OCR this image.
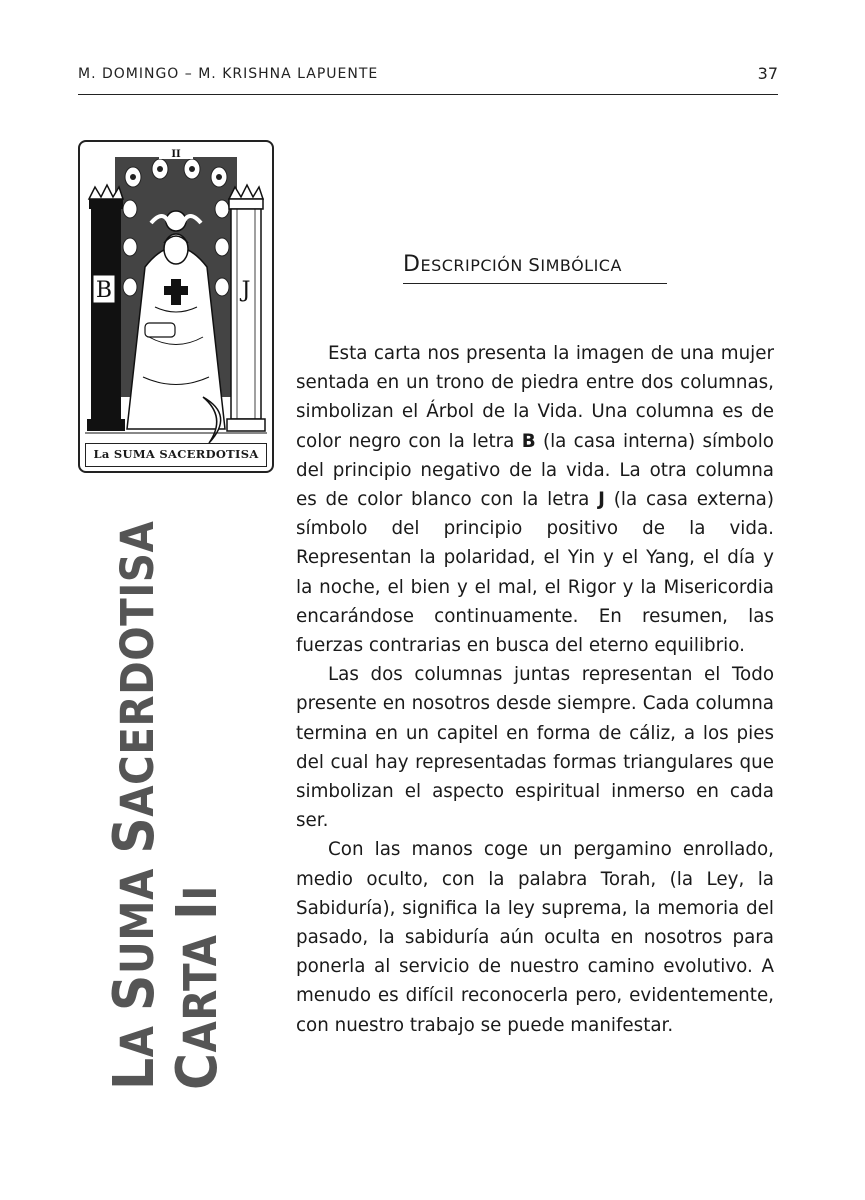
M. DOMINGO – M. KRISHNA LAPUENTE	37
II
B	J
La SUMA SACERDOTISA
LA SUMA SACERDOTISA
CARTA II
DESCRIPCIÓN SIMBÓLICA

Esta carta nos presenta la imagen de una mujer sentada en un trono de piedra entre dos columnas, simbolizan el Árbol de la Vida. Una columna es de color negro con la letra B (la casa interna) símbolo del principio negativo de la vida. La otra columna es de color blanco con la letra J (la casa externa) símbolo del principio positivo de la vida. Representan la polaridad, el Yin y el Yang, el día y la noche, el bien y el mal, el Rigor y la Misericordia encarándose continuamente. En resumen, las fuerzas contrarias en busca del eterno equilibrio.

Las dos columnas juntas representan el Todo presente en nosotros desde siempre. Cada columna termina en un capitel en forma de cáliz, a los pies del cual hay representadas formas triangulares que simbolizan el aspecto espiritual inmerso en cada ser.

Con las manos coge un pergamino enrollado, medio oculto, con la palabra Torah, (la Ley, la Sabiduría), significa la ley suprema, la memoria del pasado, la sabiduría aún oculta en nosotros para ponerla al servicio de nuestro camino evolutivo. A menudo es difícil reconocerla pero, evidentemente, con nuestro trabajo se puede manifestar.
